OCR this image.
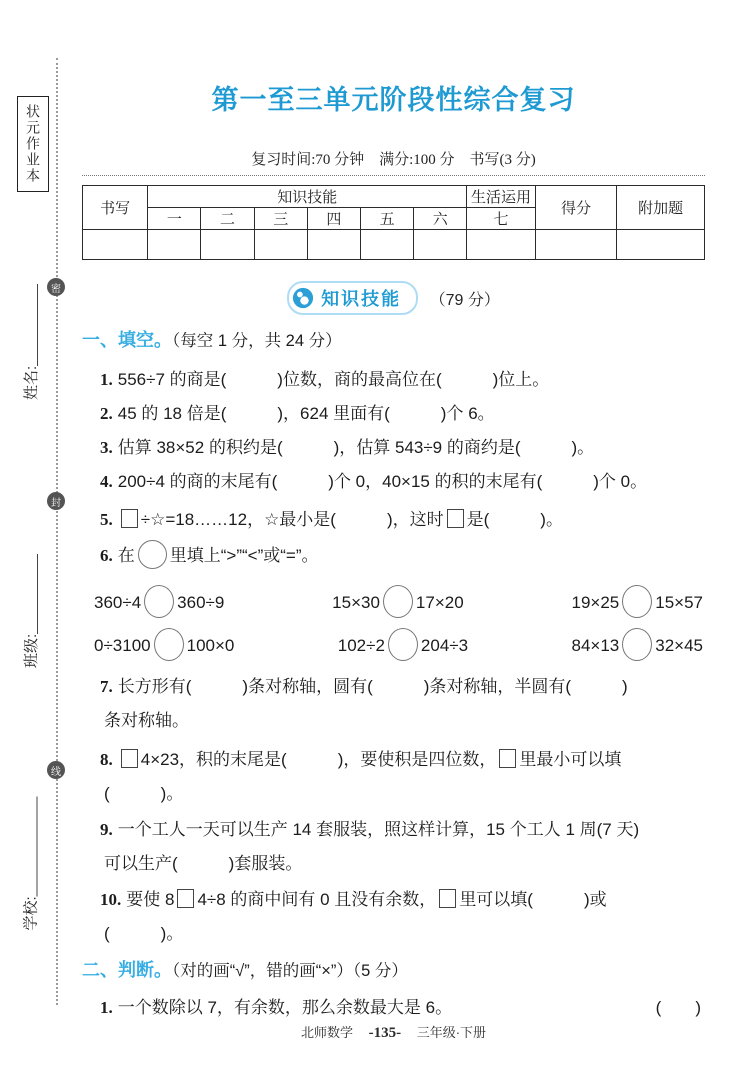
状元作业本
密
封
线
姓名:
班级:
学校:
第一至三单元阶段性综合复习
复习时间:70 分钟　满分:100 分　书写(3 分)
书写	知识技能						生活运用	得分	附加题
	一	二	三	四	五	六	七		

知识技能 （79 分）
一、填空。（每空 1 分，共 24 分）
1. 556÷7 的商是(　　　)位数，商的最高位在(　　　)位上。
2. 45 的 18 倍是(　　　)，624 里面有(　　　)个 6。
3. 估算 38×52 的积约是(　　　)，估算 543÷9 的商约是(　　　)。
4. 200÷4 的商的末尾有(　　　)个 0，40×15 的积的末尾有(　　　)个 0。
5. ÷☆=18……12，☆最小是(　　　)，这时 是(　　　)。
6. 在 里填上“>”“<”或“=”。
360÷4 360÷9	15×30 17×20	19×25 15×57
0÷3100 100×0	102÷2 204÷3	84×13 32×45
7. 长方形有(　　　)条对称轴，圆有(　　　)条对称轴，半圆有(　　　)
条对称轴。
8. 4×23，积的末尾是(　　　)，要使积是四位数， 里最小可以填
(　　　)。
9. 一个工人一天可以生产 14 套服装，照这样计算，15 个工人 1 周(7 天)
可以生产(　　　)套服装。
10. 要使 8 4÷8 的商中间有 0 且没有余数， 里可以填(　　　)或
(　　　)。
二、判断。（对的画“√”，错的画“×”）（5 分）
1. 一个数除以 7，有余数，那么余数最大是 6。	(　　)
北师数学 -135- 三年级·下册
